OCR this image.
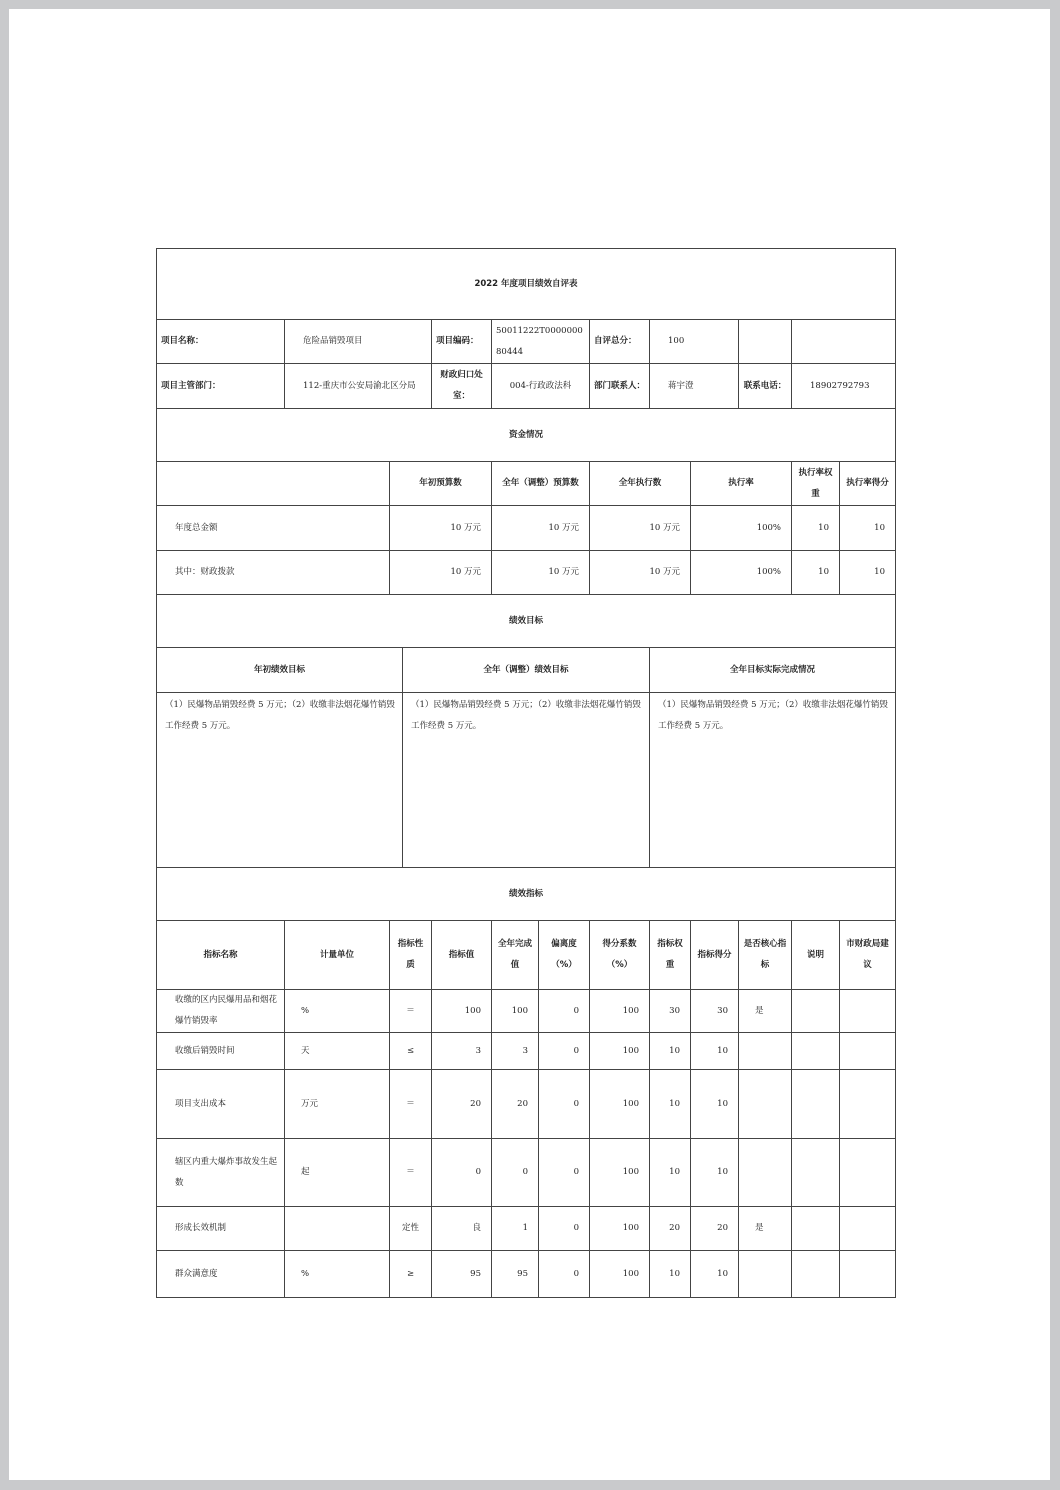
2022 年度项目绩效自评表										
项目名称：	危险品销毁项目		项目编码：	50011222T000000080444	自评总分：	100				
项目主管部门：	112-重庆市公安局渝北区分局		财政归口处室：	004-行政政法科	部门联系人：	蒋宇澄		联系电话：	18902792793	
资金情况										
		年初预算数		全年（调整）预算数	全年执行数		执行率		执行率权重	执行率得分
年度总金额		10 万元		10 万元	10 万元		100%		10	10
其中：财政拨款		10 万元		10 万元	10 万元		100%		10	10
绩效目标										
年初绩效目标	全年（调整）绩效目标	全年目标实际完成情况
（1）民爆物品销毁经费 5 万元；（2）收缴非法烟花爆竹销毁工作经费 5 万元。	（1）民爆物品销毁经费 5 万元；（2）收缴非法烟花爆竹销毁工作经费 5 万元。	（1）民爆物品销毁经费 5 万元；（2）收缴非法烟花爆竹销毁工作经费 5 万元。
绩效指标											
指标名称	计量单位	指标性质	指标值	全年完成值	偏离度（%）	得分系数（%）	指标权重	指标得分	是否核心指标	说明	市财政局建议
收缴的区内民爆用品和烟花爆竹销毁率	%	＝	100	100	0	100	30	30	是		
收缴后销毁时间	天	≤	3	3	0	100	10	10			
项目支出成本	万元	＝	20	20	0	100	10	10			
辖区内重大爆炸事故发生起数	起	＝	0	0	0	100	10	10			
形成长效机制		定性	良	1	0	100	20	20	是		
群众满意度	%	≥	95	95	0	100	10	10			
